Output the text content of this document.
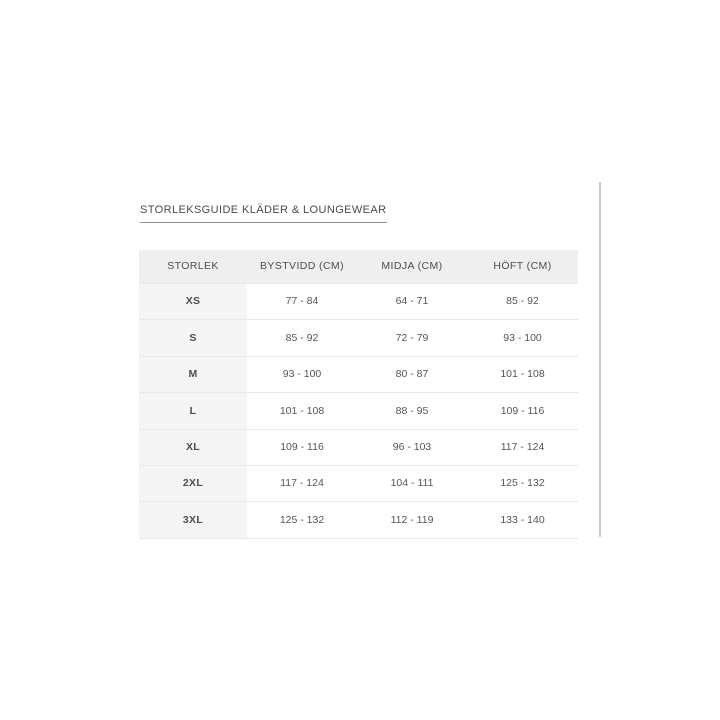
STORLEKSGUIDE KLÄDER & LOUNGEWEAR
STORLEK	BYSTVIDD (CM)	MIDJA (CM)	HÖFT (CM)
XS	77 - 84	64 - 71	85 - 92
S	85 - 92	72 - 79	93 - 100
M	93 - 100	80 - 87	101 - 108
L	101 - 108	88 - 95	109 - 116
XL	109 - 116	96 - 103	117 - 124
2XL	117 - 124	104 - 111	125 - 132
3XL	125 - 132	112 - 119	133 - 140
